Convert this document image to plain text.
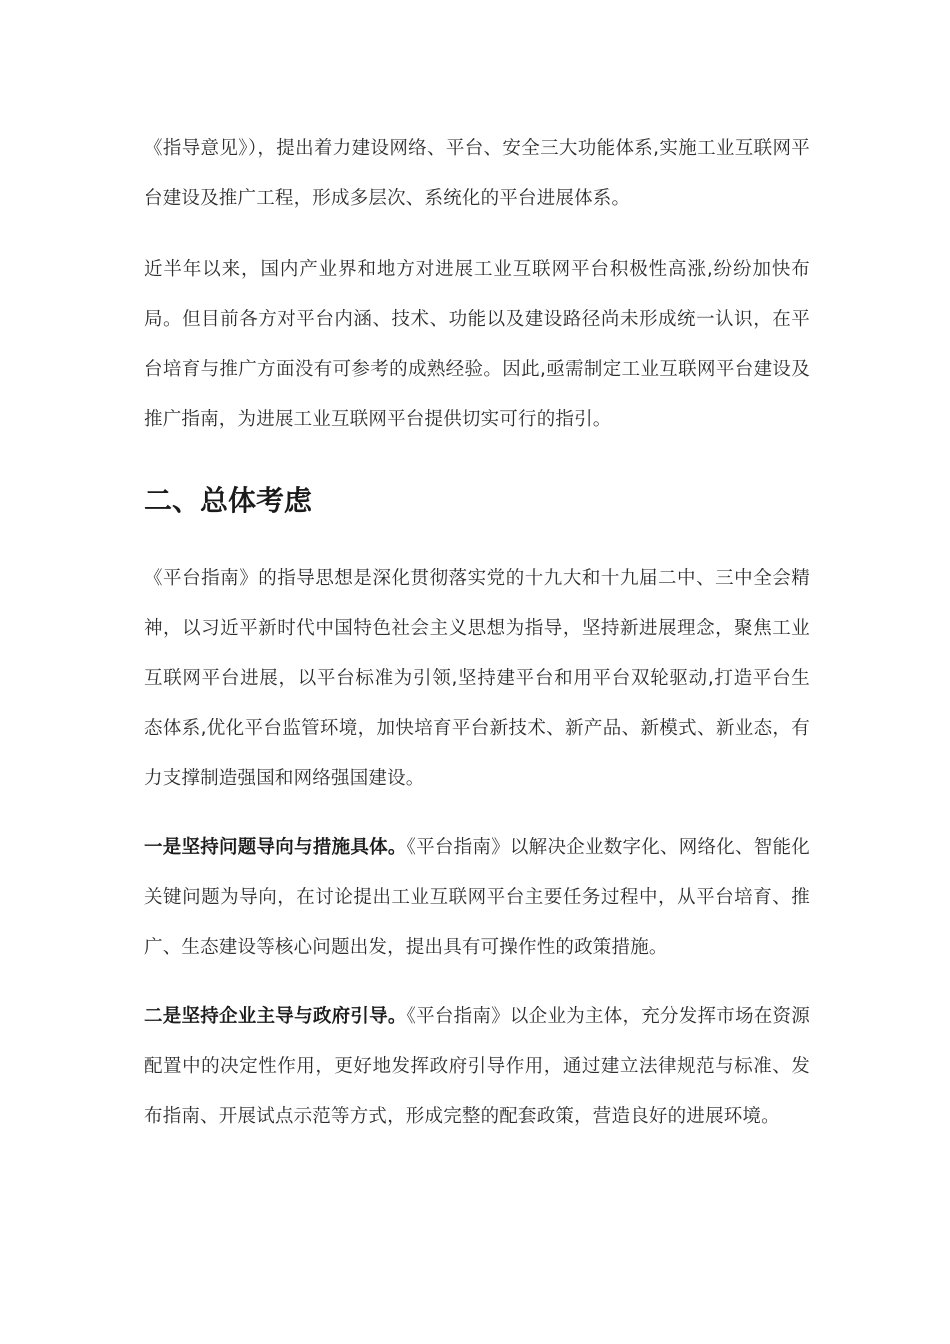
《指导意见》），提出着力建设网络、平台、安全三大功能体系,实施工业互联网平台建设及推广工程，形成多层次、系统化的平台进展体系。

近半年以来，国内产业界和地方对进展工业互联网平台积极性高涨,纷纷加快布局。但目前各方对平台内涵、技术、功能以及建设路径尚未形成统一认识，在平台培育与推广方面没有可参考的成熟经验。因此,亟需制定工业互联网平台建设及推广指南，为进展工业互联网平台提供切实可行的指引。

二、总体考虑

《平台指南》的指导思想是深化贯彻落实党的十九大和十九届二中、三中全会精神，以习近平新时代中国特色社会主义思想为指导，坚持新进展理念，聚焦工业互联网平台进展，以平台标准为引领,坚持建平台和用平台双轮驱动,打造平台生态体系,优化平台监管环境，加快培育平台新技术、新产品、新模式、新业态，有力支撑制造强国和网络强国建设。

一是坚持问题导向与措施具体。《平台指南》以解决企业数字化、网络化、智能化关键问题为导向，在讨论提出工业互联网平台主要任务过程中，从平台培育、推广、生态建设等核心问题出发，提出具有可操作性的政策措施。

二是坚持企业主导与政府引导。《平台指南》以企业为主体，充分发挥市场在资源配置中的决定性作用，更好地发挥政府引导作用，通过建立法律规范与标准、发布指南、开展试点示范等方式，形成完整的配套政策，营造良好的进展环境。
